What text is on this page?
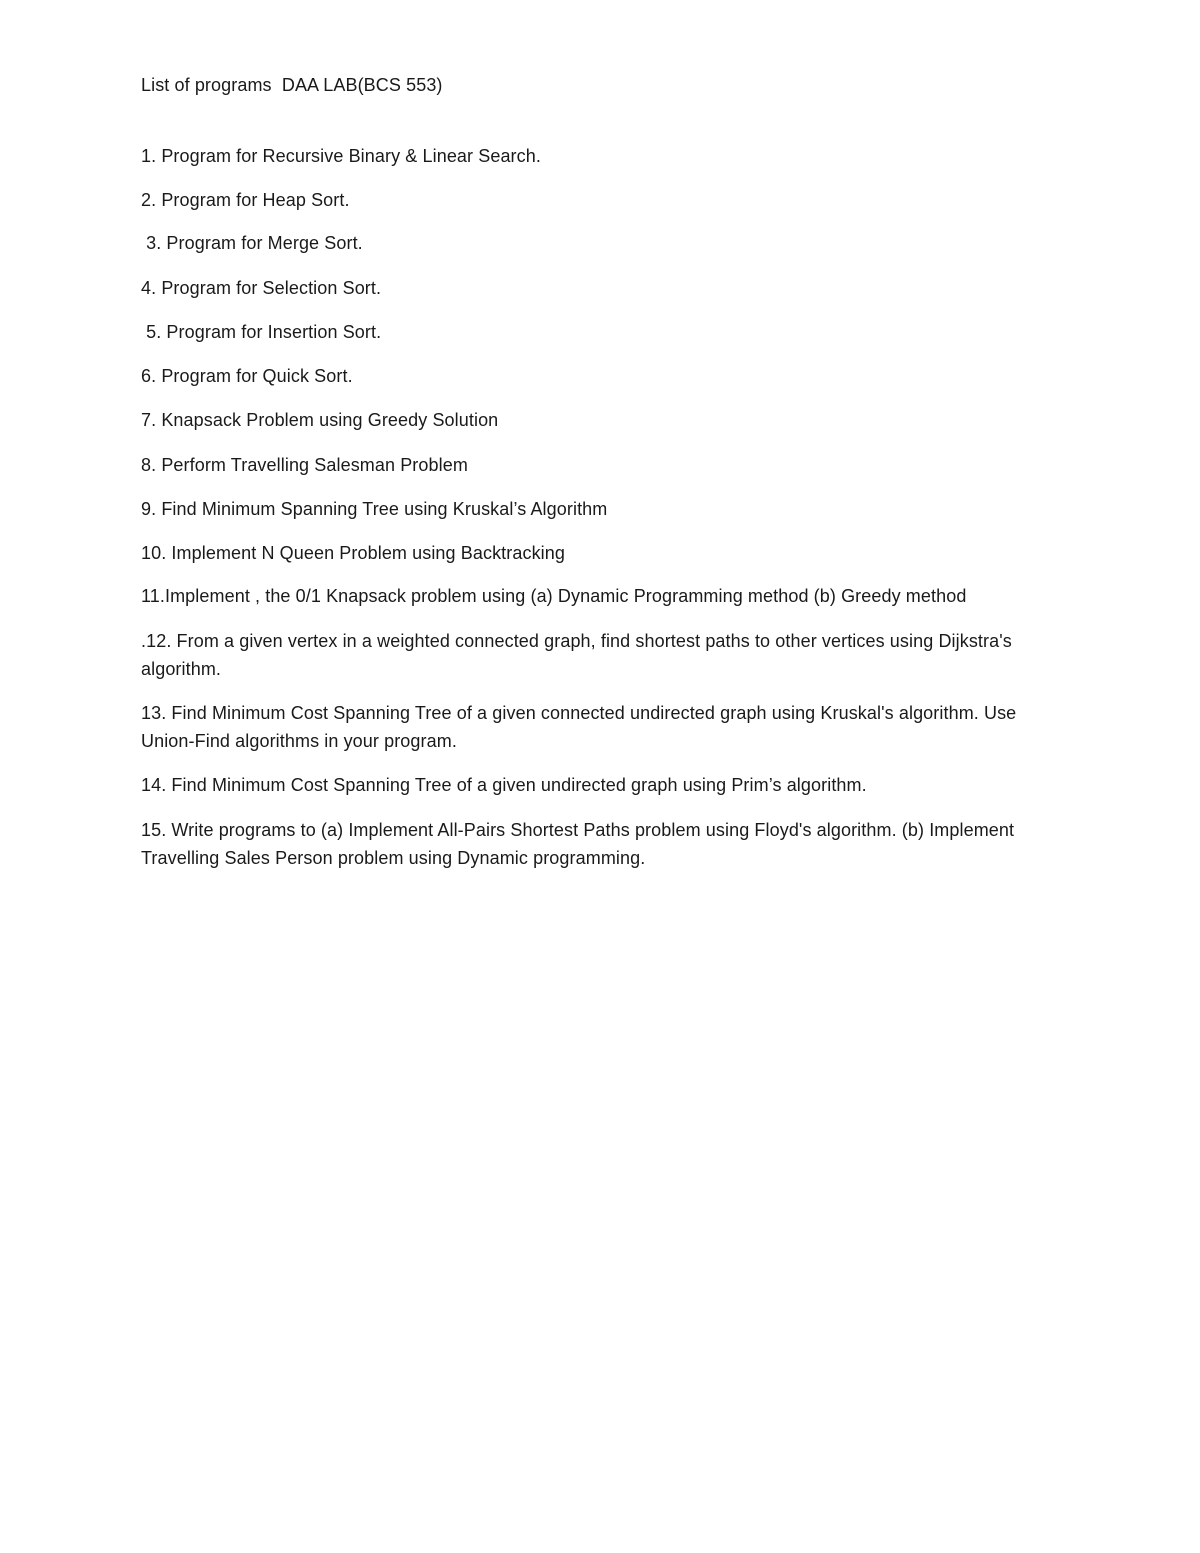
List of programs  DAA LAB(BCS 553)
1. Program for Recursive Binary & Linear Search.
2. Program for Heap Sort.
3. Program for Merge Sort.
4. Program for Selection Sort.
5. Program for Insertion Sort.
6. Program for Quick Sort.
7. Knapsack Problem using Greedy Solution
8. Perform Travelling Salesman Problem
9. Find Minimum Spanning Tree using Kruskal’s Algorithm
10. Implement N Queen Problem using Backtracking
11.Implement , the 0/1 Knapsack problem using (a) Dynamic Programming method (b) Greedy method
.12. From a given vertex in a weighted connected graph, find shortest paths to other vertices using Dijkstra's algorithm.
13. Find Minimum Cost Spanning Tree of a given connected undirected graph using Kruskal's algorithm. Use Union-Find algorithms in your program.
14. Find Minimum Cost Spanning Tree of a given undirected graph using Prim’s algorithm.
15. Write programs to (a) Implement All-Pairs Shortest Paths problem using Floyd's algorithm. (b) Implement Travelling Sales Person problem using Dynamic programming.
